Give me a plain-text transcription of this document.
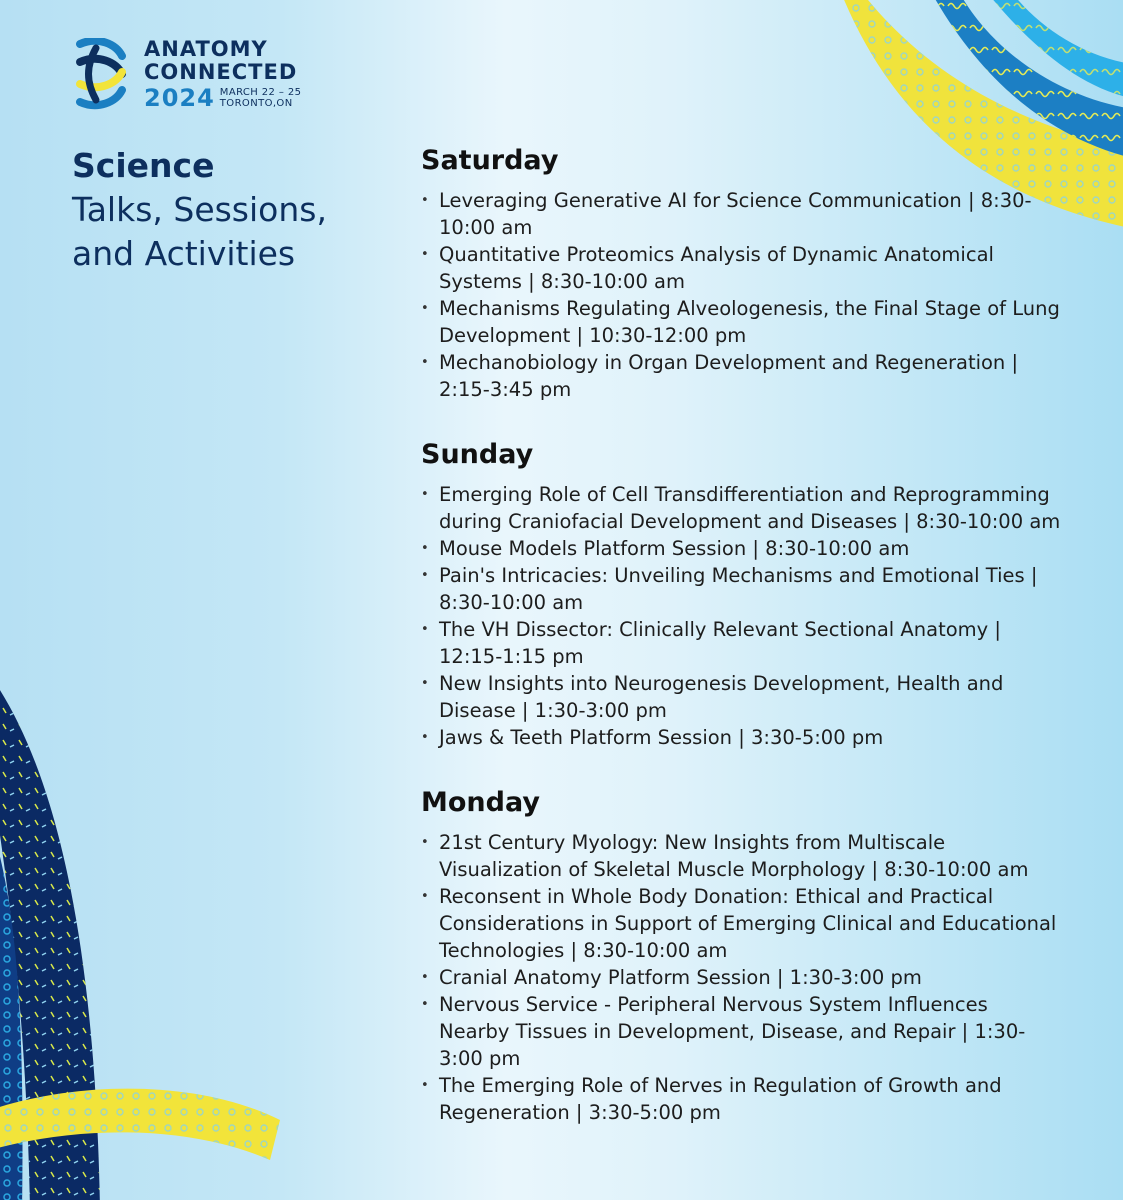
ANATOMY
CONNECTED
2024 MARCH 22 – 25
TORONTO,ON
Science
Talks, Sessions,
and Activities
Saturday
• Leveraging Generative AI for Science Communication | 8:30-10:00 am
• Quantitative Proteomics Analysis of Dynamic Anatomical Systems | 8:30-10:00 am
• Mechanisms Regulating Alveologenesis, the Final Stage of Lung Development | 10:30-12:00 pm
• Mechanobiology in Organ Development and Regeneration | 2:15-3:45 pm
Sunday
• Emerging Role of Cell Transdifferentiation and Reprogramming during Craniofacial Development and Diseases | 8:30-10:00 am
• Mouse Models Platform Session | 8:30-10:00 am
• Pain's Intricacies: Unveiling Mechanisms and Emotional Ties | 8:30-10:00 am
• The VH Dissector: Clinically Relevant Sectional Anatomy | 12:15-1:15 pm
• New Insights into Neurogenesis Development, Health and Disease | 1:30-3:00 pm
• Jaws & Teeth Platform Session | 3:30-5:00 pm
Monday
• 21st Century Myology: New Insights from Multiscale Visualization of Skeletal Muscle Morphology | 8:30-10:00 am
• Reconsent in Whole Body Donation: Ethical and Practical Considerations in Support of Emerging Clinical and Educational Technologies | 8:30-10:00 am
• Cranial Anatomy Platform Session | 1:30-3:00 pm
• Nervous Service - Peripheral Nervous System Influences Nearby Tissues in Development, Disease, and Repair | 1:30-3:00 pm
• The Emerging Role of Nerves in Regulation of Growth and Regeneration | 3:30-5:00 pm
